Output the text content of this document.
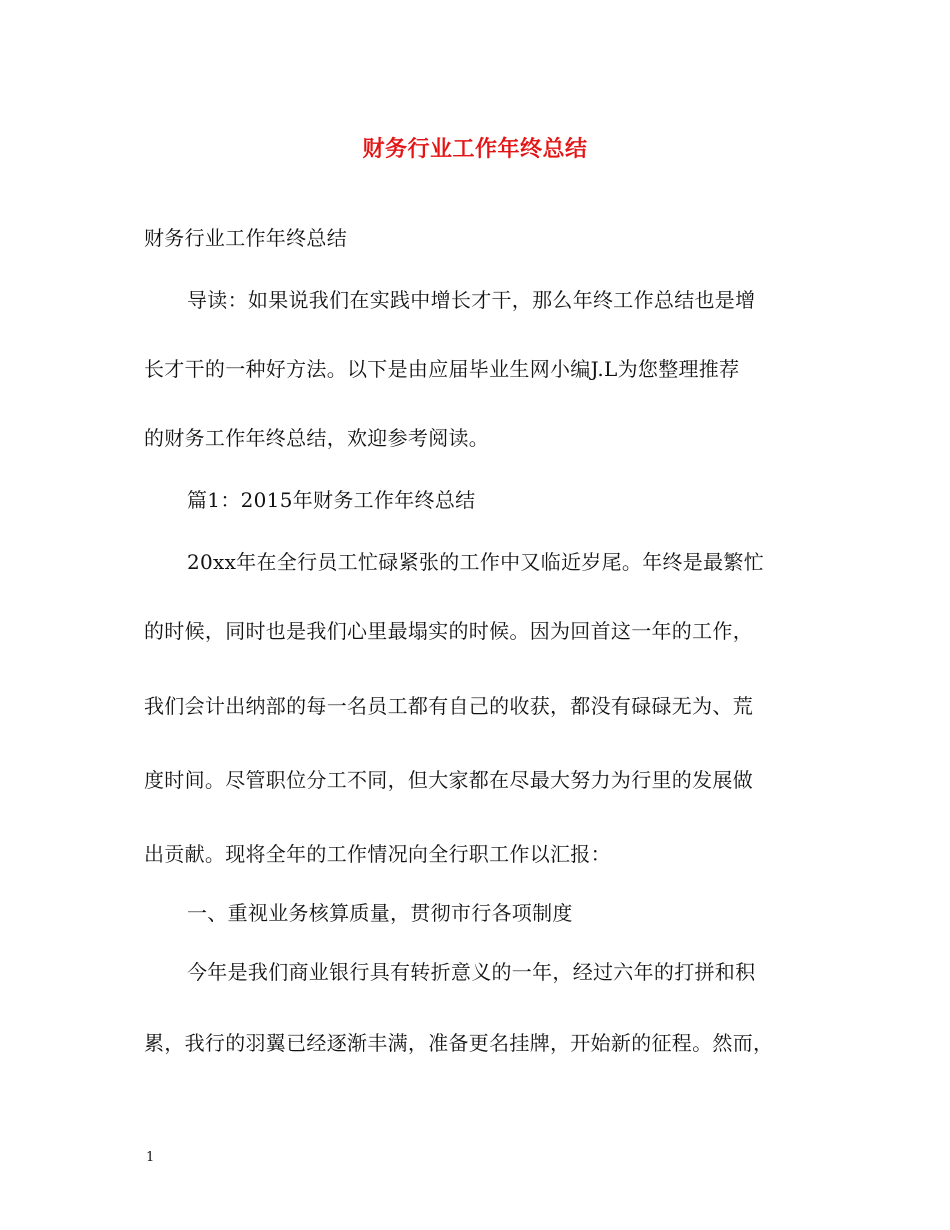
财务行业工作年终总结
财务行业工作年终总结
导读：如果说我们在实践中增长才干，那么年终工作总结也是增
长才干的一种好方法。以下是由应届毕业生网小编J.L为您整理推荐
的财务工作年终总结，欢迎参考阅读。
篇1：2015年财务工作年终总结
20xx年在全行员工忙碌紧张的工作中又临近岁尾。年终是最繁忙
的时候，同时也是我们心里最塌实的时候。因为回首这一年的工作，
我们会计出纳部的每一名员工都有自己的收获，都没有碌碌无为、荒
度时间。尽管职位分工不同，但大家都在尽最大努力为行里的发展做
出贡献。现将全年的工作情况向全行职工作以汇报：
一、重视业务核算质量，贯彻市行各项制度
今年是我们商业银行具有转折意义的一年，经过六年的打拼和积
累，我行的羽翼已经逐渐丰满，准备更名挂牌，开始新的征程。然而，
1
